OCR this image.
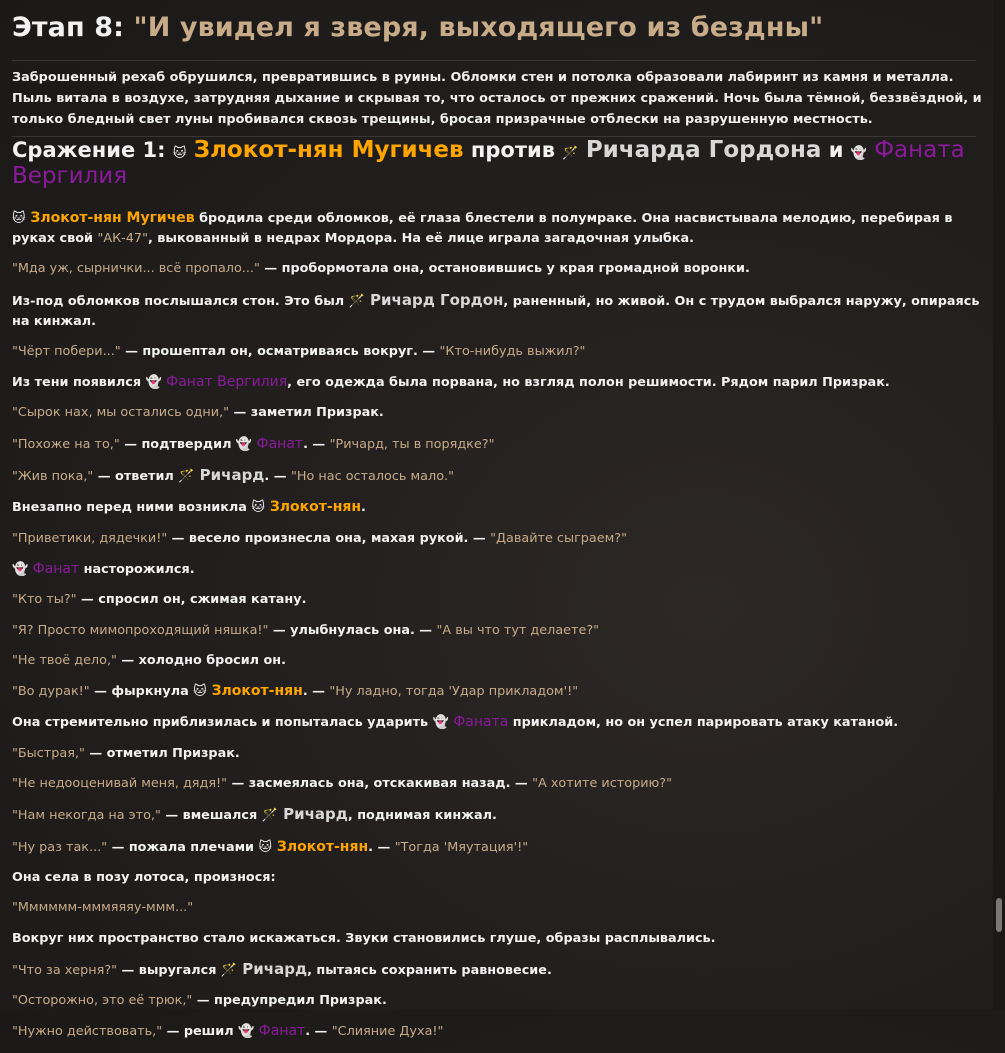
Этап 8: "И увидел я зверя, выходящего из бездны"

Заброшенный рехаб обрушился, превратившись в руины. Обломки стен и потолка образовали лабиринт из камня и металла. Пыль витала в воздухе, затрудняя дыхание и скрывая то, что осталось от прежних сражений. Ночь была тёмной, беззвёздной, и только бледный свет луны пробивался сквозь трещины, бросая призрачные отблески на разрушенную местность.

Сражение 1: 🐱 Злокот-нян Мугичев против 🪄 Ричарда Гордона и 👻 Фаната Вергилия
🐱 Злокот-нян Мугичев бродила среди обломков, её глаза блестели в полумраке. Она насвистывала мелодию, перебирая в руках свой "АК-47", выкованный в недрах Мордора. На её лице играла загадочная улыбка.
"Мда уж, сырнички... всё пропало..." — пробормотала она, остановившись у края громадной воронки.
Из-под обломков послышался стон. Это был 🪄 Ричард Гордон, раненный, но живой. Он с трудом выбрался наружу, опираясь на кинжал.
"Чёрт побери..." — прошептал он, осматриваясь вокруг. — "Кто-нибудь выжил?"
Из тени появился 👻 Фанат Вергилия, его одежда была порвана, но взгляд полон решимости. Рядом парил Призрак.
"Сырок нах, мы остались одни," — заметил Призрак.
"Похоже на то," — подтвердил 👻 Фанат. — "Ричард, ты в порядке?"
"Жив пока," — ответил 🪄 Ричард. — "Но нас осталось мало."
Внезапно перед ними возникла 🐱 Злокот-нян.
"Приветики, дядечки!" — весело произнесла она, махая рукой. — "Давайте сыграем?"
👻 Фанат насторожился.
"Кто ты?" — спросил он, сжимая катану.
"Я? Просто мимопроходящий няшка!" — улыбнулась она. — "А вы что тут делаете?"
"Не твоё дело," — холодно бросил он.
"Во дурак!" — фыркнула 🐱 Злокот-нян. — "Ну ладно, тогда 'Удар прикладом'!"
Она стремительно приблизилась и попыталась ударить 👻 Фаната прикладом, но он успел парировать атаку катаной.
"Быстрая," — отметил Призрак.
"Не недооценивай меня, дядя!" — засмеялась она, отскакивая назад. — "А хотите историю?"
"Нам некогда на это," — вмешался 🪄 Ричард, поднимая кинжал.
"Ну раз так..." — пожала плечами 🐱 Злокот-нян. — "Тогда 'Мяутация'!"
Она села в позу лотоса, произнося:
"Мммммм-мммяяяу-ммм..."
Вокруг них пространство стало искажаться. Звуки становились глуше, образы расплывались.
"Что за херня?" — выругался 🪄 Ричард, пытаясь сохранить равновесие.
"Осторожно, это её трюк," — предупредил Призрак.
"Нужно действовать," — решил 👻 Фанат. — "Слияние Духа!"
